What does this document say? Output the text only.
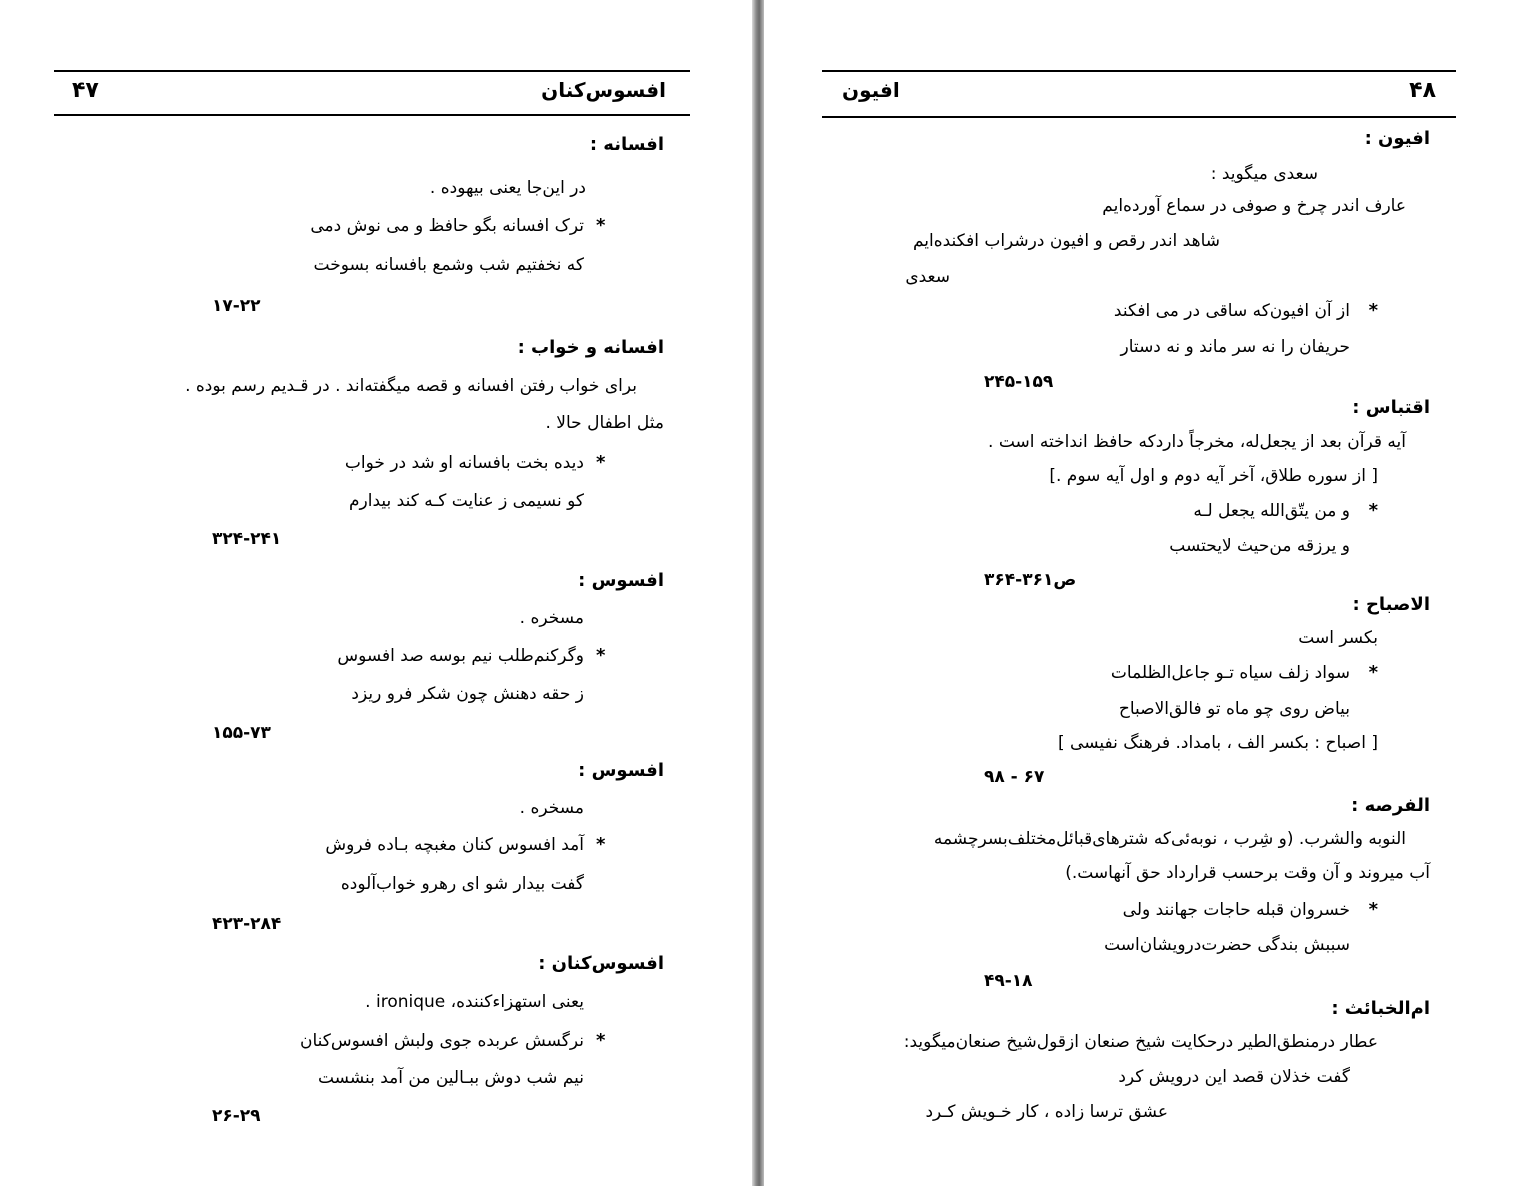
۴۷	افسوس‌کنان
افسانه :
در این‌جا یعنی بیهوده .
*
ترک افسانه بگو حافظ و می نوش دمی
که نخفتیم شب وشمع بافسانه بسوخت
۱۷-۲۲
افسانه و خواب :
برای خواب رفتن افسانه و قصه میگفته‌اند . در قـدیم رسم بوده .
مثل اطفال حالا .
*
دیده بخت بافسانه او شد در خواب
کو نسیمی ز عنایت کـه کند بیدارم
۳۲۴-۲۴۱
افسوس :
مسخره .
*
وگرکنم‌طلب نیم بوسه صد افسوس
ز حقه دهنش چون شکر فرو ریزد
۱۵۵-۷۳
افسوس :
مسخره .
*
آمد افسوس کنان مغبچه بـاده فروش
گفت بیدار شو ای رهرو خواب‌آلوده
۴۲۳-۲۸۴
افسوس‌کنان :
یعنی استهزاء‌کننده، ironique .
*
نرگسش عربده جوی ولبش افسوس‌کنان
نیم شب دوش ببـالین من آمد بنشست
۲۶-۲۹
۴۸
افیون
افیون :
سعدی میگوید :
عارف اندر چرخ و صوفی در سماع آورده‌ایم
شاهد اندر رقص و افیون درشراب افکنده‌ایم
سعدی
*
از آن افیون‌که ساقی در می افکند
حریفان را نه سر ماند و نه دستار
۲۴۵-۱۵۹
اقتباس :
آیه قرآن بعد از یجعل‌له، مخرجاً داردکه حافظ انداخته است .
[ از سوره طلاق، آخر آیه دوم و اول آیه سوم .]
*
و من یتّق‌الله یجعل لـه
و یرزقه من‌حیث لایحتسب
۳۶۴-ص۳۶۱
الاصباح :
بکسر است
*
سواد زلف سیاه تـو جاعل‌الظلمات
بیاض روی چو ماه تو فالق‌الاصباح
[ اصباح : بکسر الف ، بامداد. فرهنگ نفیسی ]
۹۸ - ۶۷
الفرصه :
النوبه والشرب. (و شِرب ، نوبه‌ئی‌که شترهای‌قبائل‌مختلف‌بسرچشمه
آب میروند و آن وقت برحسب قرارداد حق آنهاست.)
*
خسروان قبله حاجات جهانند ولی
سببش بندگی حضرت‌درویشان‌است
۴۹-۱۸
ام‌الخبائث :
عطار درمنطق‌الطیر درحکایت شیخ صنعان ازقول‌شیخ صنعان‌میگوید:
گفت خذلان قصد این درویش کرد
عشق ترسا زاده ، کار خـویش کـرد
